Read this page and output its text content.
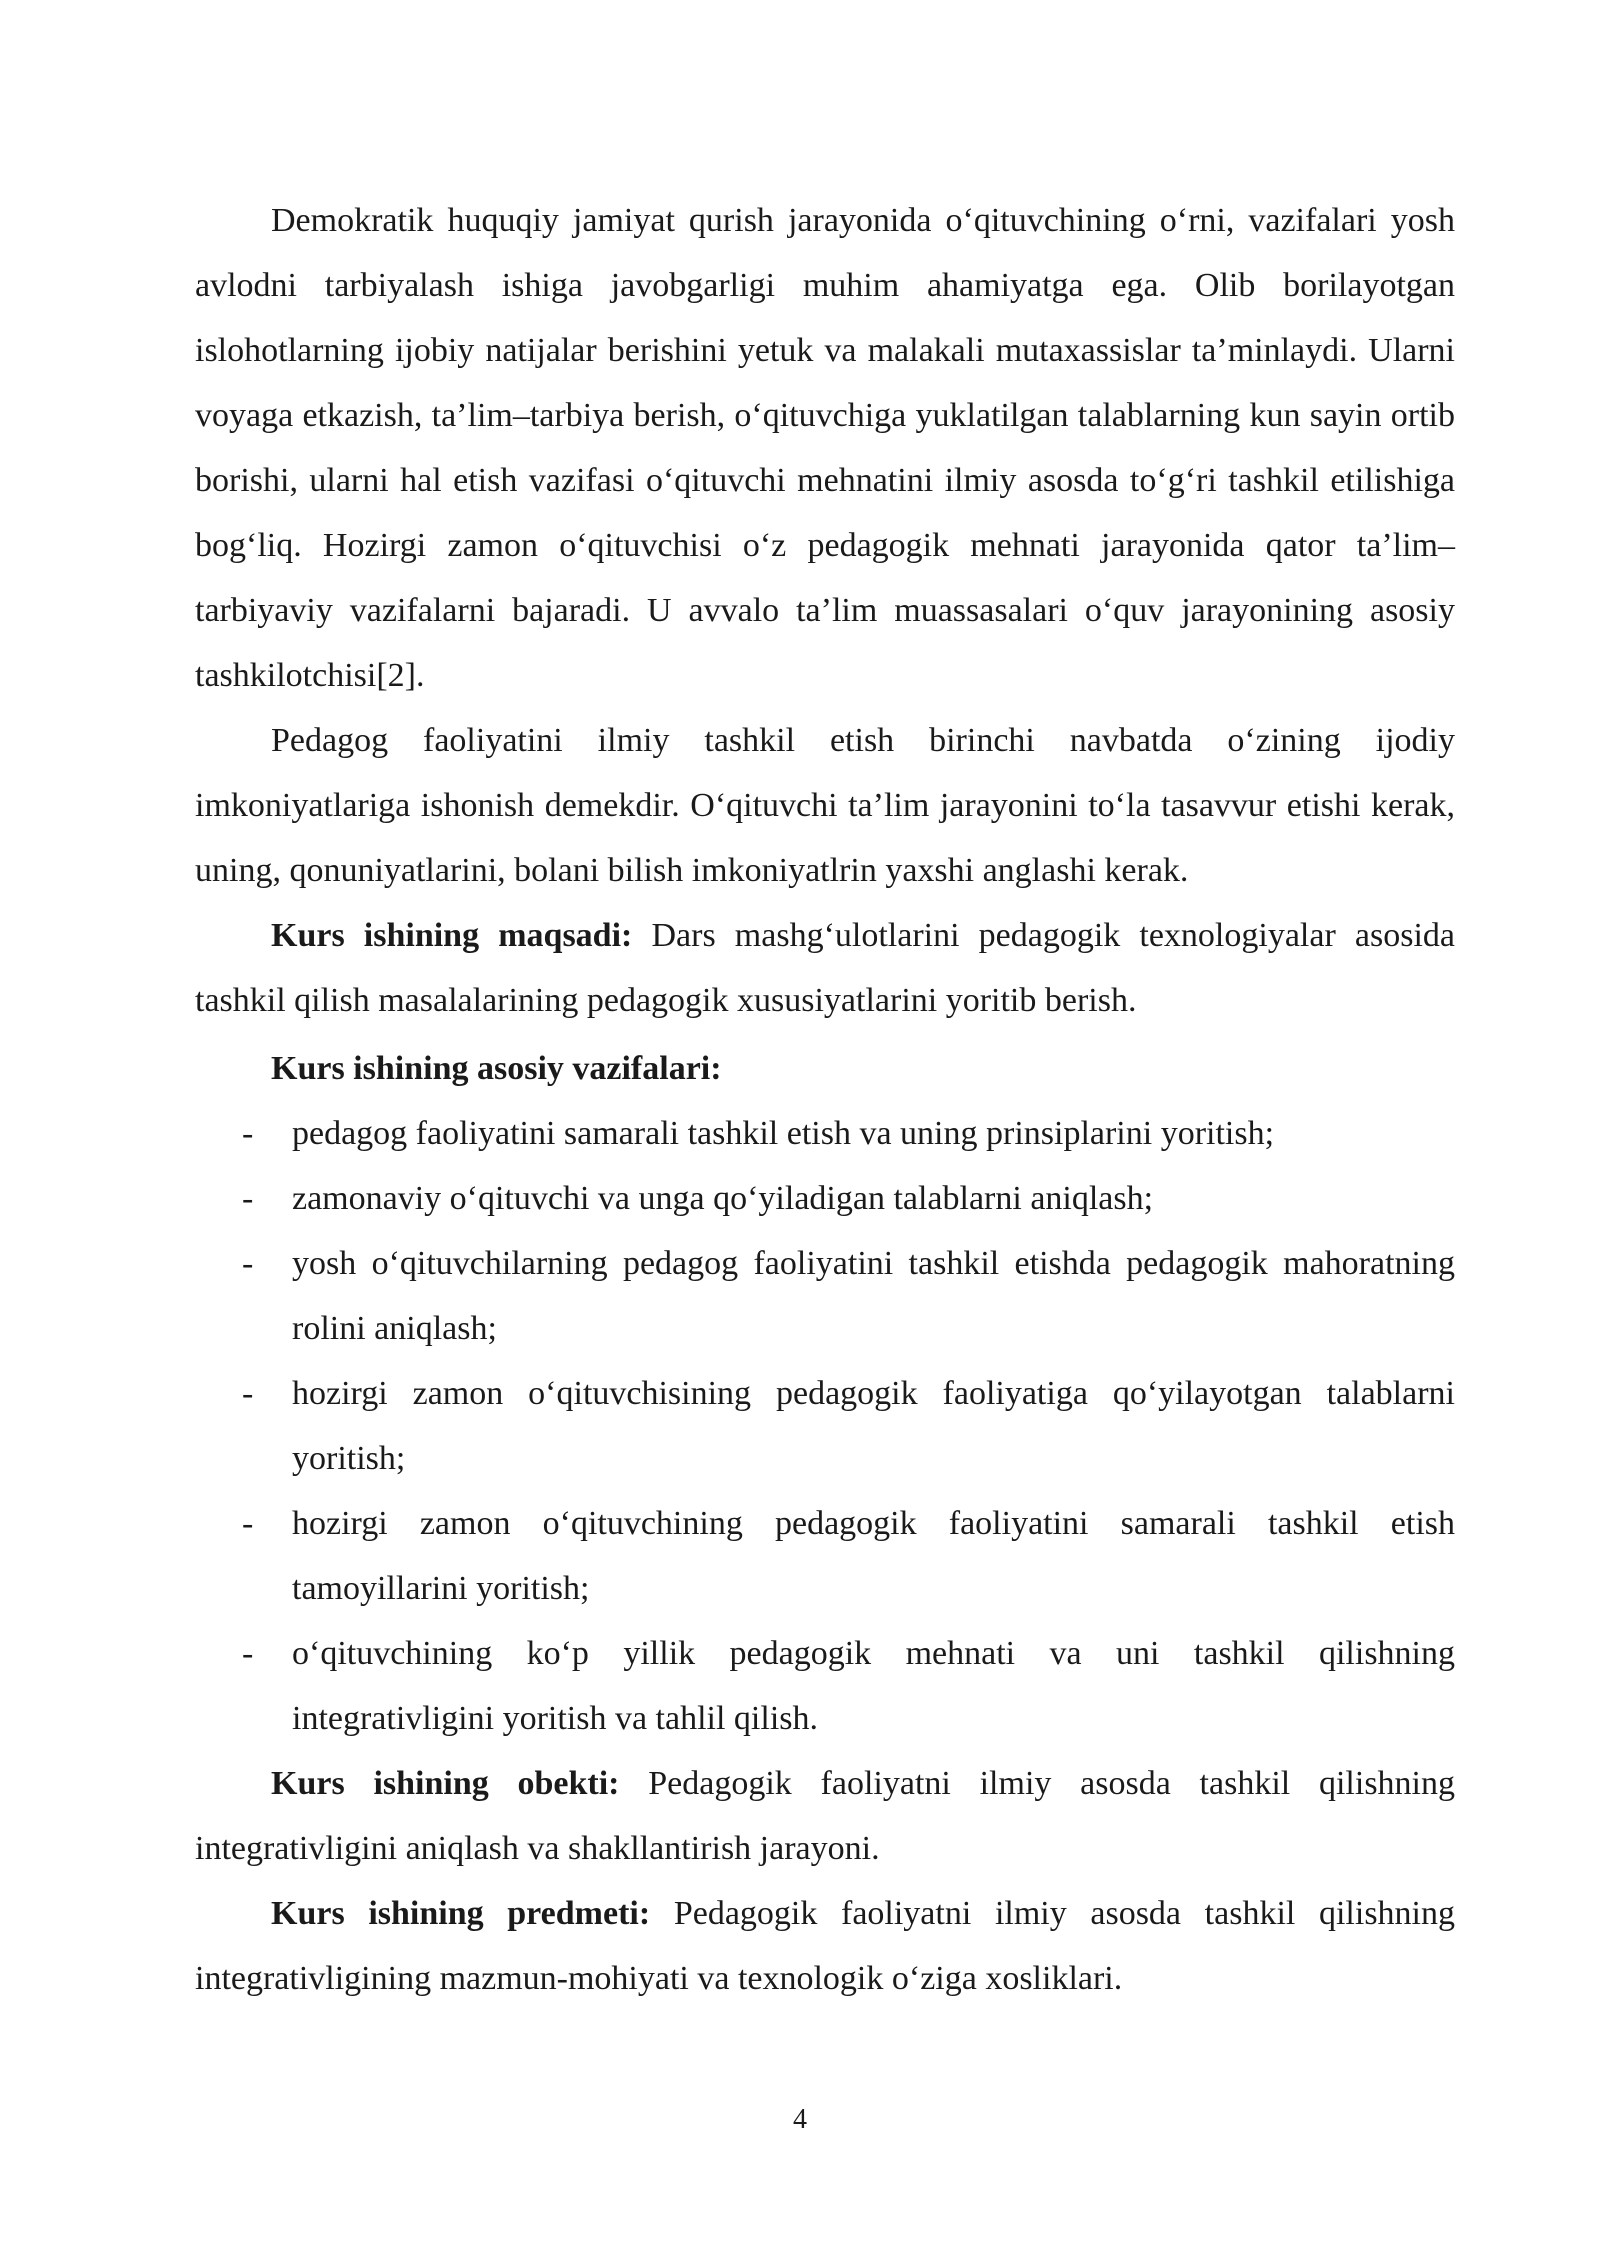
Demokratik huquqiy jamiyat qurish jarayonida o‘qituvchining o‘rni, vazifalari yosh avlodni tarbiyalash ishiga javobgarligi muhim ahamiyatga ega. Olib borilayotgan islohotlarning ijobiy natijalar berishini yetuk va malakali mutaxassislar ta’minlaydi. Ularni voyaga etkazish, ta’lim–tarbiya berish, o‘qituvchiga yuklatilgan talablarning kun sayin ortib borishi, ularni hal etish vazifasi o‘qituvchi mehnatini ilmiy asosda to‘g‘ri tashkil etilishiga bog‘liq. Hozirgi zamon o‘qituvchisi o‘z pedagogik mehnati jarayonida qator ta’lim– tarbiyaviy vazifalarni bajaradi. U avvalo ta’lim muassasalari o‘quv jarayonining asosiy tashkilotchisi[2].

Pedagog faoliyatini ilmiy tashkil etish birinchi navbatda o‘zining ijodiy imkoniyatlariga ishonish demekdir. O‘qituvchi ta’lim jarayonini to‘la tasavvur etishi kerak, uning, qonuniyatlarini, bolani bilish imkoniyatlrin yaxshi anglashi kerak.

Kurs ishining maqsadi: Dars mashg‘ulotlarini pedagogik texnologiyalar asosida tashkil qilish masalalarining pedagogik xususiyatlarini yoritib berish.

Kurs ishining asosiy vazifalari:

- pedagog faoliyatini samarali tashkil etish va uning prinsiplarini yoritish;
- zamonaviy o‘qituvchi va unga qo‘yiladigan talablarni aniqlash;
- yosh o‘qituvchilarning pedagog faoliyatini tashkil etishda pedagogik mahoratning rolini aniqlash;
- hozirgi zamon o‘qituvchisining pedagogik faoliyatiga qo‘yilayotgan talablarni yoritish;
- hozirgi zamon o‘qituvchining pedagogik faoliyatini samarali tashkil etish tamoyillarini yoritish;
- o‘qituvchining ko‘p yillik pedagogik mehnati va uni tashkil qilishning integrativligini yoritish va tahlil qilish.

Kurs ishining obekti: Pedagogik faoliyatni ilmiy asosda tashkil qilishning integrativligini aniqlash va shakllantirish jarayoni.

Kurs ishining predmeti: Pedagogik faoliyatni ilmiy asosda tashkil qilishning integrativligining mazmun-mohiyati va texnologik o‘ziga xosliklari.

4
